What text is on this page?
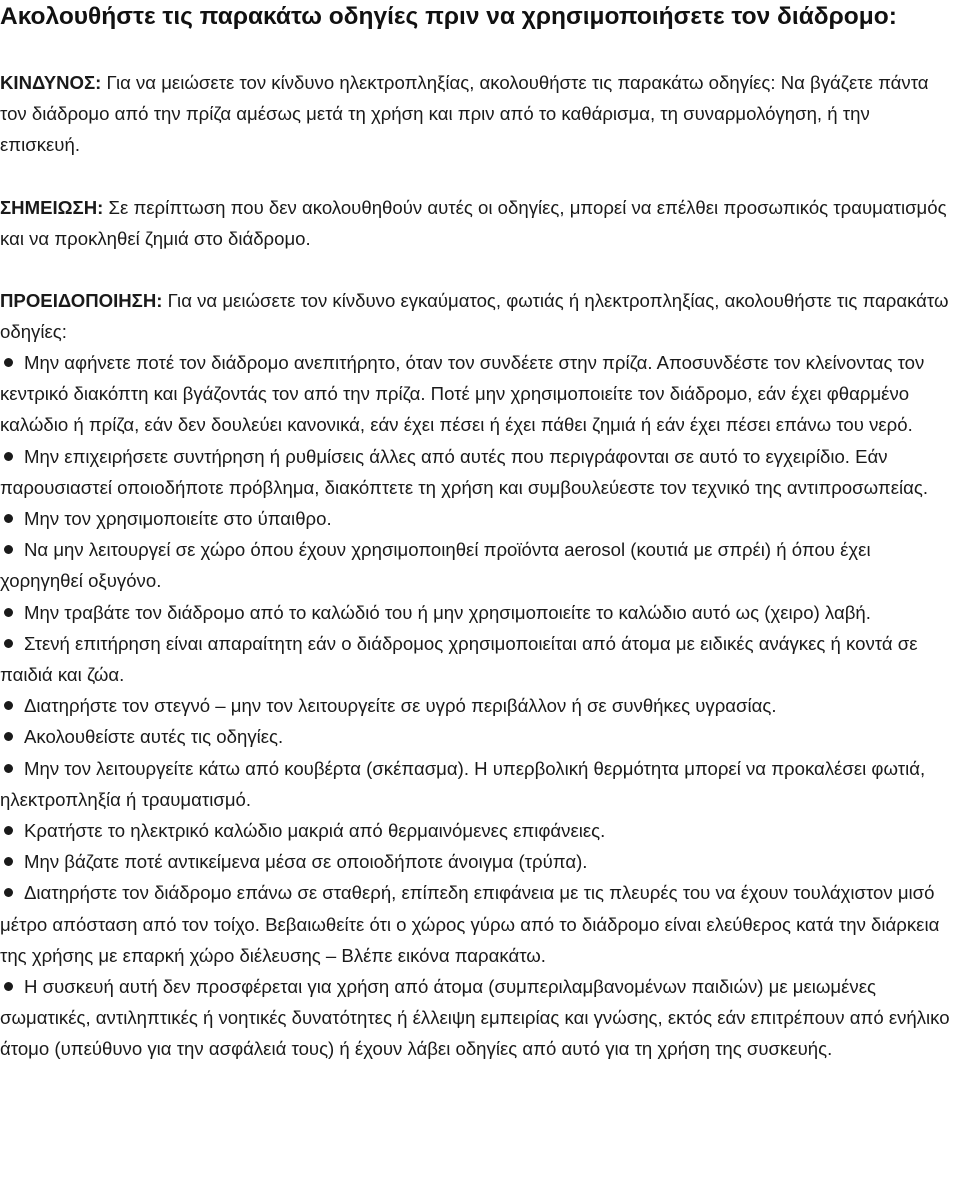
Ακολουθήστε τις παρακάτω οδηγίες πριν να χρησιμοποιήσετε τον διάδρομο:

ΚΙΝΔΥΝΟΣ: Για να μειώσετε τον κίνδυνο ηλεκτροπληξίας, ακολουθήστε τις παρακάτω οδηγίες: Να βγάζετε πάντα τον διάδρομο από την πρίζα αμέσως μετά τη χρήση και πριν από το καθάρισμα, τη συναρμολόγηση, ή την επισκευή.

ΣΗΜΕΙΩΣΗ: Σε περίπτωση που δεν ακολουθηθούν αυτές οι οδηγίες, μπορεί να επέλθει προσωπικός τραυματισμός και να προκληθεί ζημιά στο διάδρομο.

ΠΡΟΕΙΔΟΠΟΙΗΣΗ: Για να μειώσετε τον κίνδυνο εγκαύματος, φωτιάς ή ηλεκτροπληξίας, ακολουθήστε τις παρακάτω οδηγίες:

Μην αφήνετε ποτέ τον διάδρομο ανεπιτήρητο, όταν τον συνδέετε στην πρίζα. Αποσυνδέστε τον κλείνοντας τον κεντρικό διακόπτη και βγάζοντάς τον από την πρίζα. Ποτέ μην χρησιμοποιείτε τον διάδρομο, εάν έχει φθαρμένο καλώδιο ή πρίζα, εάν δεν δουλεύει κανονικά, εάν έχει πέσει ή έχει πάθει ζημιά ή εάν έχει πέσει επάνω του νερό.
Μην επιχειρήσετε συντήρηση ή ρυθμίσεις άλλες από αυτές που περιγράφονται σε αυτό το εγχειρίδιο. Εάν παρουσιαστεί οποιοδήποτε πρόβλημα, διακόπτετε τη χρήση και συμβουλεύεστε τον τεχνικό της αντιπροσωπείας.
Μην τον χρησιμοποιείτε στο ύπαιθρο.
Να μην λειτουργεί σε χώρο όπου έχουν χρησιμοποιηθεί προϊόντα aerosol (κουτιά με σπρέι) ή όπου έχει χορηγηθεί οξυγόνο.
Μην τραβάτε τον διάδρομο από το καλώδιό του ή μην χρησιμοποιείτε το καλώδιο αυτό ως (χειρο) λαβή.
Στενή επιτήρηση είναι απαραίτητη εάν ο διάδρομος χρησιμοποιείται από άτομα με ειδικές ανάγκες ή κοντά σε παιδιά και ζώα.
Διατηρήστε τον στεγνό – μην τον λειτουργείτε σε υγρό περιβάλλον ή σε συνθήκες υγρασίας.
Ακολουθείστε αυτές τις οδηγίες.
Μην τον λειτουργείτε κάτω από κουβέρτα (σκέπασμα). Η υπερβολική θερμότητα μπορεί να προκαλέσει φωτιά, ηλεκτροπληξία ή τραυματισμό.
Κρατήστε το ηλεκτρικό καλώδιο μακριά από θερμαινόμενες επιφάνειες.
Μην βάζατε ποτέ αντικείμενα μέσα σε οποιοδήποτε άνοιγμα (τρύπα).
Διατηρήστε τον διάδρομο επάνω σε σταθερή, επίπεδη επιφάνεια με τις πλευρές του να έχουν τουλάχιστον μισό μέτρο απόσταση από τον τοίχο. Βεβαιωθείτε ότι ο χώρος γύρω από το διάδρομο είναι ελεύθερος κατά την διάρκεια της χρήσης με επαρκή χώρο διέλευσης – Βλέπε εικόνα παρακάτω.
Η συσκευή αυτή δεν προσφέρεται για χρήση από άτομα (συμπεριλαμβανομένων παιδιών) με μειωμένες σωματικές, αντιληπτικές ή νοητικές δυνατότητες ή έλλειψη εμπειρίας και γνώσης, εκτός εάν επιτρέπουν από ενήλικο άτομο (υπεύθυνο για την ασφάλειά τους) ή έχουν λάβει οδηγίες από αυτό για τη χρήση της συσκευής.
